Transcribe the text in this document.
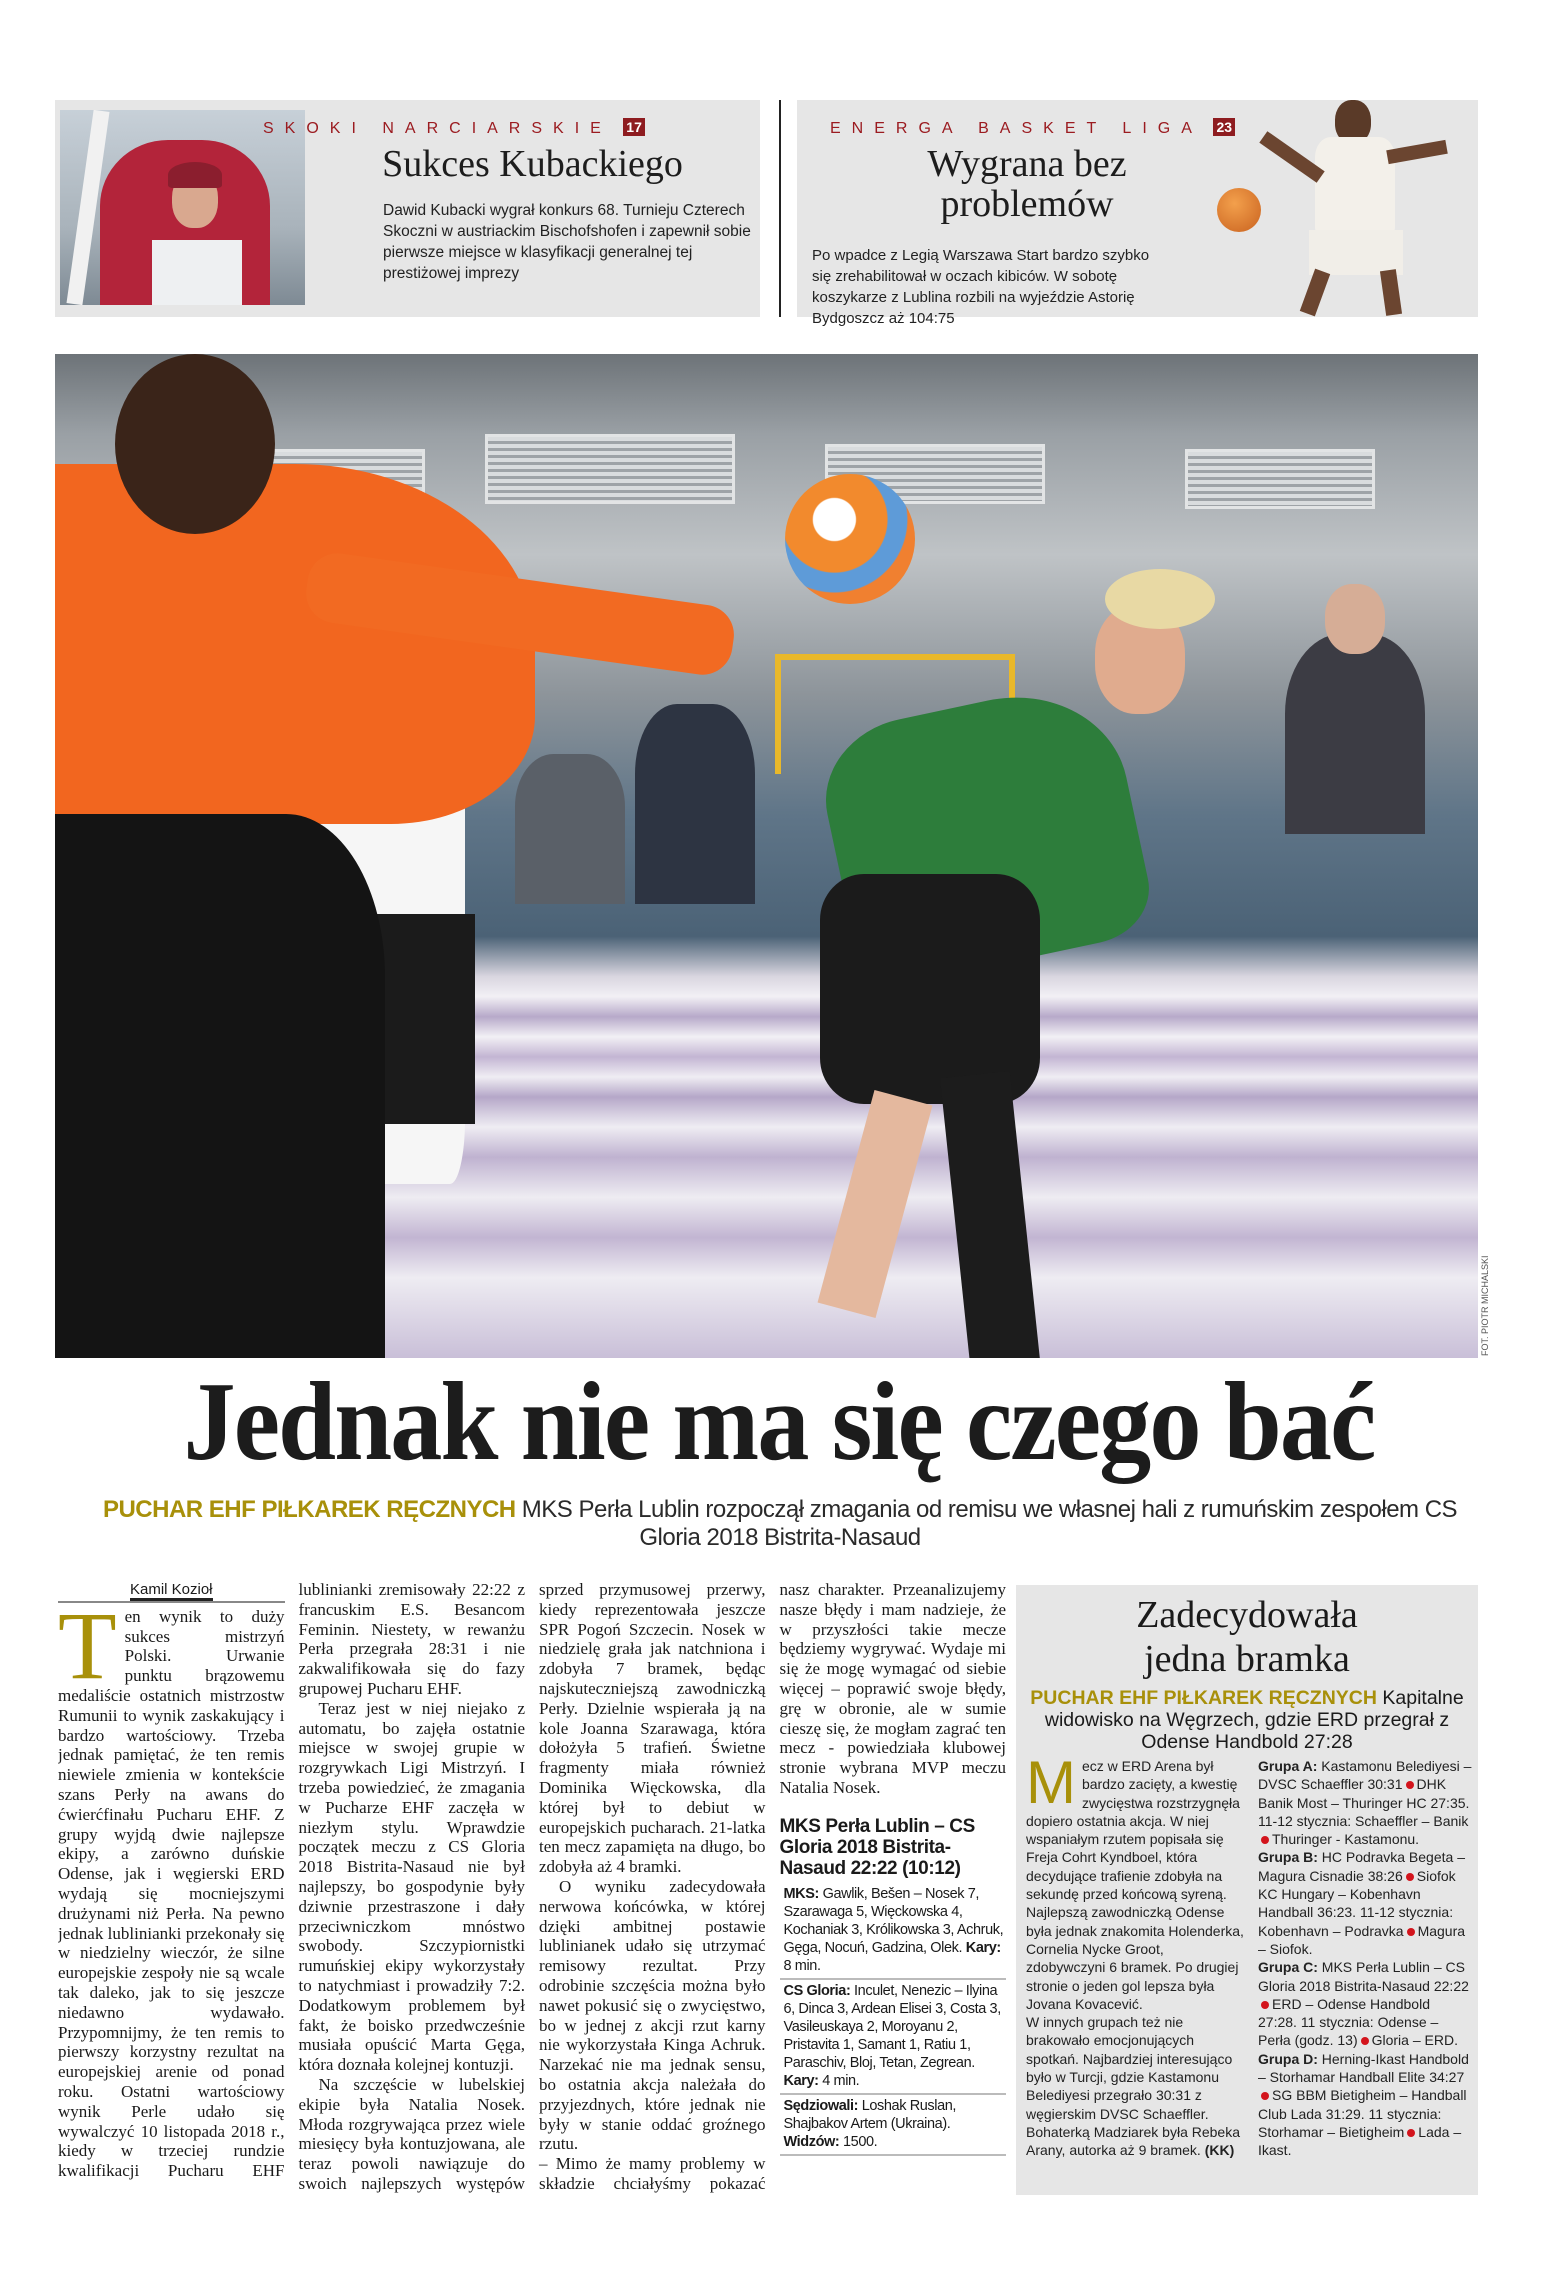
SKOKI NARCIARSKIE 17
Sukces Kubackiego
Dawid Kubacki wygrał konkurs 68. Turnieju Czterech Skoczni w austriackim Bischofshofen i zapewnił sobie pierwsze miejsce w klasyfikacji generalnej tej prestiżowej imprezy
ENERGA BASKET LIGA 23
Wygrana bez problemów
Po wpadce z Legią Warszawa Start bardzo szybko się zrehabilitował w oczach kibiców. W sobotę koszykarze z Lublina rozbili na wyjeździe Astorię Bydgoszcz aż 104:75
FOT. PIOTR MICHALSKI
Jednak nie ma się czego bać
PUCHAR EHF PIŁKAREK RĘCZNYCH MKS Perła Lublin rozpoczął zmagania od remisu we własnej hali z rumuńskim zespołem CS Gloria 2018 Bistrita-Nasaud
Kamil Kozioł

Ten wynik to duży sukces mistrzyń Polski. Urwanie punktu brązowemu medaliście ostatnich mistrzostw Rumunii to wynik zaskakujący i bardzo wartościowy. Trzeba jednak pamiętać, że ten remis niewiele zmienia w kontekście szans Perły na awans do ćwierćfinału Pucharu EHF. Z grupy wyjdą dwie najlepsze ekipy, a zarówno duńskie Odense, jak i węgierski ERD wydają się mocniejszymi drużynami niż Perła. Na pewno jednak lublinianki przekonały się w niedzielny wieczór, że silne europejskie zespoły nie są wcale tak daleko, jak to się jeszcze niedawno wydawało. Przypomnijmy, że ten remis to pierwszy korzystny rezultat na europejskiej arenie od ponad roku. Ostatni wartościowy wynik Perle udało się wywalczyć 10 listopada 2018 r., kiedy w trzeciej rundzie kwalifikacji Pucharu EHF lublinianki zremisowały 22:22 z francuskim E.S. Besancom Feminin. Niestety, w rewanżu Perła przegrała 28:31 i nie zakwalifikowała się do fazy grupowej Pucharu EHF.

Teraz jest w niej niejako z automatu, bo zajęła ostatnie miejsce w swojej grupie w rozgrywkach Ligi Mistrzyń. I trzeba powiedzieć, że zmagania w Pucharze EHF zaczęła w niezłym stylu. Wprawdzie początek meczu z CS Gloria 2018 Bistrita-Nasaud nie był najlepszy, bo gospodynie były dziwnie przestraszone i dały przeciwniczkom mnóstwo swobody. Szczypiornistki rumuńskiej ekipy wykorzystały to natychmiast i prowadziły 7:2. Dodatkowym problemem był fakt, że boisko przedwcześnie musiała opuścić Marta Gęga, która doznała kolejnej kontuzji.

Na szczęście w lubelskiej ekipie była Natalia Nosek. Młoda rozgrywająca przez wiele miesięcy była kontuzjowana, ale teraz powoli nawiązuje do swoich najlepszych występów sprzed przymusowej przerwy, kiedy reprezentowała jeszcze SPR Pogoń Szczecin. Nosek w niedzielę grała jak natchniona i zdobyła 7 bramek, będąc najskuteczniejszą zawodniczką Perły. Dzielnie wspierała ją na kole Joanna Szarawaga, która dołożyła 5 trafień. Świetne fragmenty miała również Dominika Więckowska, dla której był to debiut w europejskich pucharach. 21-latka ten mecz zapamięta na długo, bo zdobyła aż 4 bramki.

O wyniku zadecydowała nerwowa końcówka, w której dzięki ambitnej postawie lublinianek udało się utrzymać remisowy rezultat. Przy odrobinie szczęścia można było nawet pokusić się o zwycięstwo, bo w jednej z akcji rzut karny nie wykorzystała Kinga Achruk. Narzekać nie ma jednak sensu, bo ostatnia akcja należała do przyjezdnych, które jednak nie były w stanie oddać groźnego rzutu.

– Mimo że mamy problemy w składzie chciałyśmy pokazać nasz charakter. Przeanalizujemy nasze błędy i mam nadzieje, że w przyszłości takie mecze będziemy wygrywać. Wydaje mi się że mogę wymagać od siebie więcej – poprawić swoje błędy, grę w obronie, ale w sumie cieszę się, że mogłam zagrać ten mecz - powiedziała klubowej stronie wybrana MVP meczu Natalia Nosek.

MKS Perła Lublin – CS Gloria 2018 Bistrita-Nasaud 22:22 (10:12)
MKS: Gawlik, Bešen – Nosek 7, Szarawaga 5, Więckowska 4, Kochaniak 3, Królikowska 3, Achruk, Gęga, Nocuń, Gadzina, Olek. Kary: 8 min.
CS Gloria: Inculet, Nenezic – Ilyina 6, Dinca 3, Ardean Elisei 3, Costa 3, Vasileuskaya 2, Moroyanu 2, Pristavita 1, Samant 1, Ratiu 1, Paraschiv, Bloj, Tetan, Zegrean. Kary: 4 min.
Sędziowali: Loshak Ruslan, Shajbakov Artem (Ukraina). Widzów: 1500.
Zadecydowała
jedna bramka
PUCHAR EHF PIŁKAREK RĘCZNYCH Kapitalne widowisko na Węgrzech, gdzie ERD przegrał z Odense Handbold 27:28

Mecz w ERD Arena był bardzo zacięty, a kwestię zwycięstwa rozstrzygnęła dopiero ostatnia akcja. W niej wspaniałym rzutem popisała się Freja Cohrt Kyndboel, która decydujące trafienie zdobyła na sekundę przed końcową syreną. Najlepszą zawodniczką Odense była jednak znakomita Holenderka, Cornelia Nycke Groot, zdobywczyni 6 bramek. Po drugiej stronie o jeden gol lepsza była Jovana Kovacević.

W innych grupach też nie brakowało emocjonujących spotkań. Najbardziej interesująco było w Turcji, gdzie Kastamonu Belediyesi przegrało 30:31 z węgierskim DVSC Schaeffler. Bohaterką Madziarek była Rebeka Arany, autorka aż 9 bramek. (KK)

Grupa A: Kastamonu Belediyesi – DVSC Schaeffler 30:31 DHK Banik Most – Thuringer HC 27:35. 11-12 stycznia: Schaeffler – BanikThuringer - Kastamonu.

Grupa B: HC Podravka Begeta – Magura Cisnadie 38:26 Siofok KC Hungary – Kobenhavn Handball 36:23. 11-12 stycznia: Kobenhavn – Podravka Magura – Siofok.

Grupa C: MKS Perła Lublin – CS Gloria 2018 Bistrita-Nasaud 22:22ERD – Odense Handbold 27:28. 11 stycznia: Odense – Perła (godz. 13) Gloria – ERD.

Grupa D: Herning-Ikast Handbold – Storhamar Handball Elite 34:27SG BBM Bietigheim – Handball Club Lada 31:29. 11 stycznia: Storhamar – Bietigheim Lada – Ikast.
